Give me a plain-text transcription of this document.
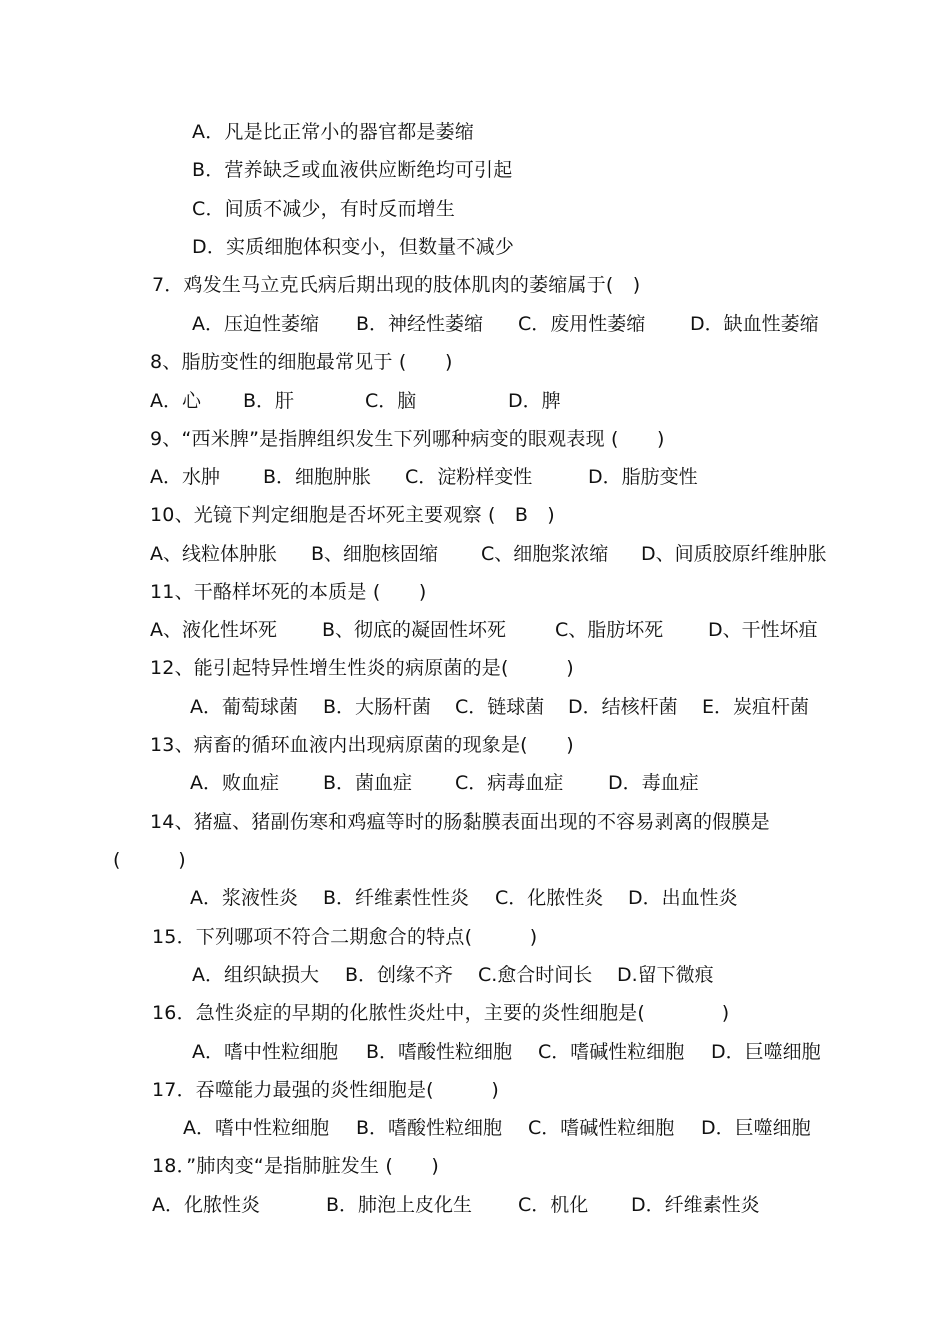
A．凡是比正常小的器官都是萎缩
B．营养缺乏或血液供应断绝均可引起
C．间质不减少，有时反而增生
D．实质细胞体积变小，但数量不减少
7．鸡发生马立克氏病后期出现的肢体肌肉的萎缩属于(　)
A．压迫性萎缩 B．神经性萎缩 C．废用性萎缩 D．缺血性萎缩
8、脂肪变性的细胞最常见于 (　　)
A．心 B．肝	C．脑	D．脾
9、“西米脾”是指脾组织发生下列哪种病变的眼观表现 (　　)
A．水肿 B．细胞肿胀 C．淀粉样变性	D．脂肪变性
10、光镜下判定细胞是否坏死主要观察 (　B　)
A、线粒体肿胀 B、细胞核固缩 C、细胞浆浓缩 D、间质胶原纤维肿胀
11、干酪样坏死的本质是 (　　)
A、液化性坏死 B、彻底的凝固性坏死	C、脂肪坏死 D、干性坏疽
12、能引起特异性增生性炎的病原菌的是(　　　)
A．葡萄球菌 B．大肠杆菌 C．链球菌 D．结核杆菌 E．炭疽杆菌
13、病畜的循环血液内出现病原菌的现象是(　　)
A．败血症 B．菌血症 C．病毒血症 D．毒血症
14、猪瘟、猪副伤寒和鸡瘟等时的肠黏膜表面出现的不容易剥离的假膜是
(　　　)
A．浆液性炎 B．纤维素性性炎 C．化脓性炎 D．出血性炎
15．下列哪项不符合二期愈合的特点(　　　)
A．组织缺损大 B．创缘不齐 C.愈合时间长 D.留下微痕
16．急性炎症的早期的化脓性炎灶中，主要的炎性细胞是(　　　　)
A．嗜中性粒细胞 B．嗜酸性粒细胞 C．嗜碱性粒细胞 D．巨噬细胞
17．吞噬能力最强的炎性细胞是(　　　)
A．嗜中性粒细胞 B．嗜酸性粒细胞 C．嗜碱性粒细胞 D．巨噬细胞
18．”肺肉变“是指肺脏发生 (　　)
A．化脓性炎	B．肺泡上皮化生 C．机化 D．纤维素性炎
